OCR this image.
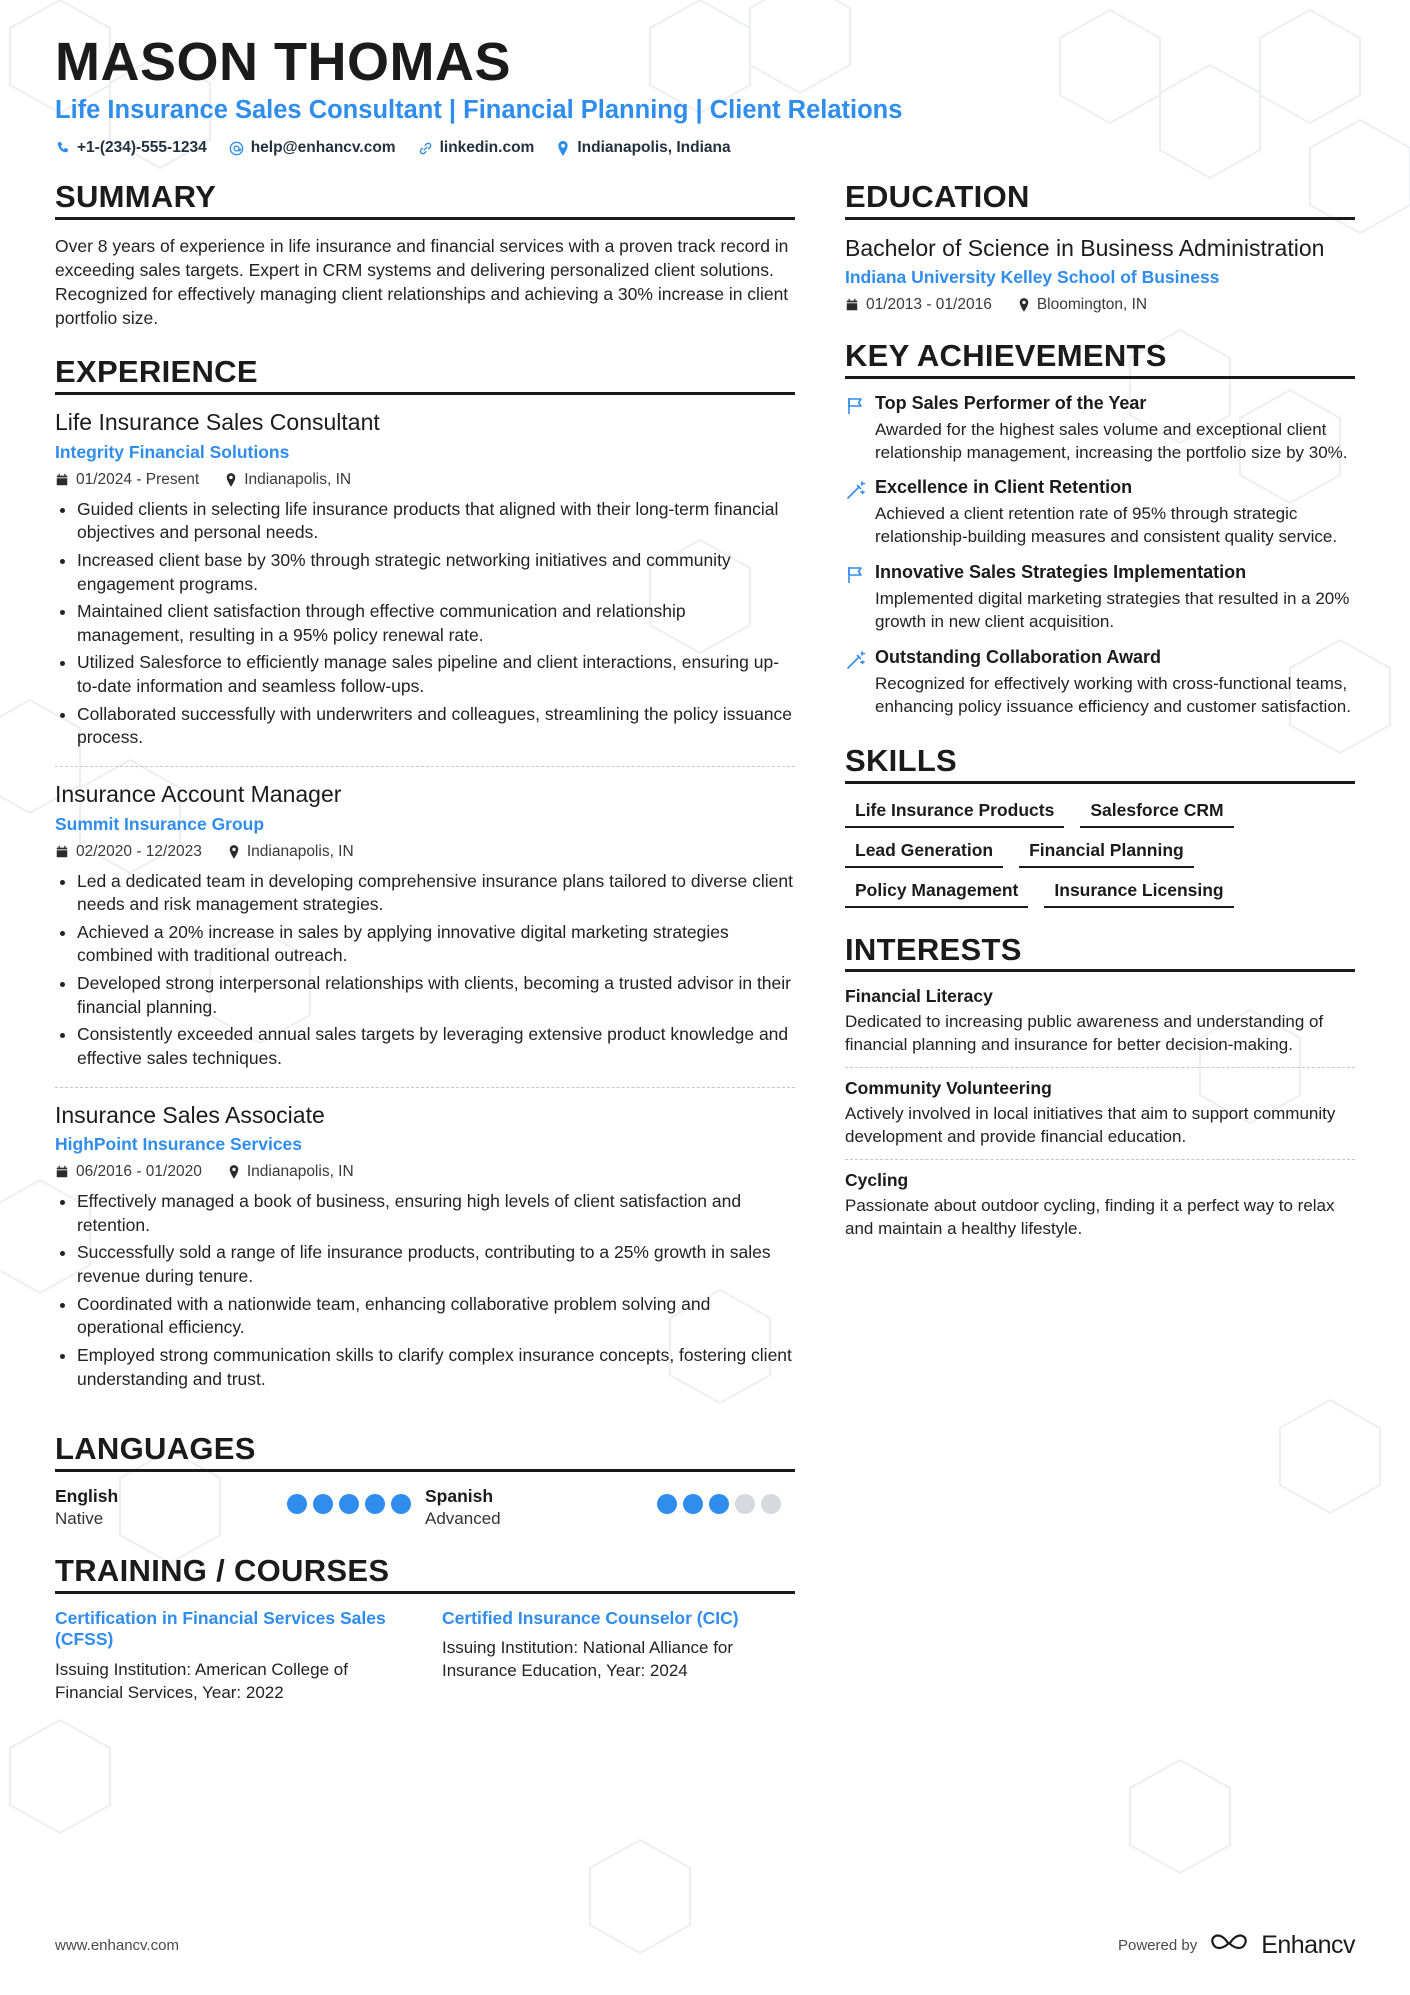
MASON THOMAS
Life Insurance Sales Consultant | Financial Planning | Client Relations
+1-(234)-555-1234	help@enhancv.com	linkedin.com	Indianapolis, Indiana
SUMMARY

Over 8 years of experience in life insurance and financial services with a proven track record in exceeding sales targets. Expert in CRM systems and delivering personalized client solutions. Recognized for effectively managing client relationships and achieving a 30% increase in client portfolio size.

EXPERIENCE
Life Insurance Sales Consultant
Integrity Financial Solutions
01/2024 - Present	Indianapolis, IN
• Guided clients in selecting life insurance products that aligned with their long-term financial objectives and personal needs.
• Increased client base by 30% through strategic networking initiatives and community engagement programs.
• Maintained client satisfaction through effective communication and relationship management, resulting in a 95% policy renewal rate.
• Utilized Salesforce to efficiently manage sales pipeline and client interactions, ensuring up-to-date information and seamless follow-ups.
• Collaborated successfully with underwriters and colleagues, streamlining the policy issuance process.
Insurance Account Manager
Summit Insurance Group
02/2020 - 12/2023	Indianapolis, IN
• Led a dedicated team in developing comprehensive insurance plans tailored to diverse client needs and risk management strategies.
• Achieved a 20% increase in sales by applying innovative digital marketing strategies combined with traditional outreach.
• Developed strong interpersonal relationships with clients, becoming a trusted advisor in their financial planning.
• Consistently exceeded annual sales targets by leveraging extensive product knowledge and effective sales techniques.
Insurance Sales Associate
HighPoint Insurance Services
06/2016 - 01/2020	Indianapolis, IN
• Effectively managed a book of business, ensuring high levels of client satisfaction and retention.
• Successfully sold a range of life insurance products, contributing to a 25% growth in sales revenue during tenure.
• Coordinated with a nationwide team, enhancing collaborative problem solving and operational efficiency.
• Employed strong communication skills to clarify complex insurance concepts, fostering client understanding and trust.
LANGUAGES
English
Native
Spanish
Advanced
TRAINING / COURSES
Certification in Financial Services Sales (CFSS)

Issuing Institution: American College of Financial Services, Year: 2022

Certified Insurance Counselor (CIC)

Issuing Institution: National Alliance for Insurance Education, Year: 2024

EDUCATION
Bachelor of Science in Business Administration
Indiana University Kelley School of Business
01/2013 - 01/2016	Bloomington, IN
KEY ACHIEVEMENTS
Top Sales Performer of the Year

Awarded for the highest sales volume and exceptional client relationship management, increasing the portfolio size by 30%.

Excellence in Client Retention

Achieved a client retention rate of 95% through strategic relationship-building measures and consistent quality service.

Innovative Sales Strategies Implementation

Implemented digital marketing strategies that resulted in a 20% growth in new client acquisition.

Outstanding Collaboration Award

Recognized for effectively working with cross-functional teams, enhancing policy issuance efficiency and customer satisfaction.

SKILLS
Life Insurance Products	Salesforce CRM
Lead Generation	Financial Planning
Policy Management	Insurance Licensing
INTERESTS
Financial Literacy

Dedicated to increasing public awareness and understanding of financial planning and insurance for better decision-making.

Community Volunteering

Actively involved in local initiatives that aim to support community development and provide financial education.

Cycling

Passionate about outdoor cycling, finding it a perfect way to relax and maintain a healthy lifestyle.

www.enhancv.com	Powered by	Enhancv
